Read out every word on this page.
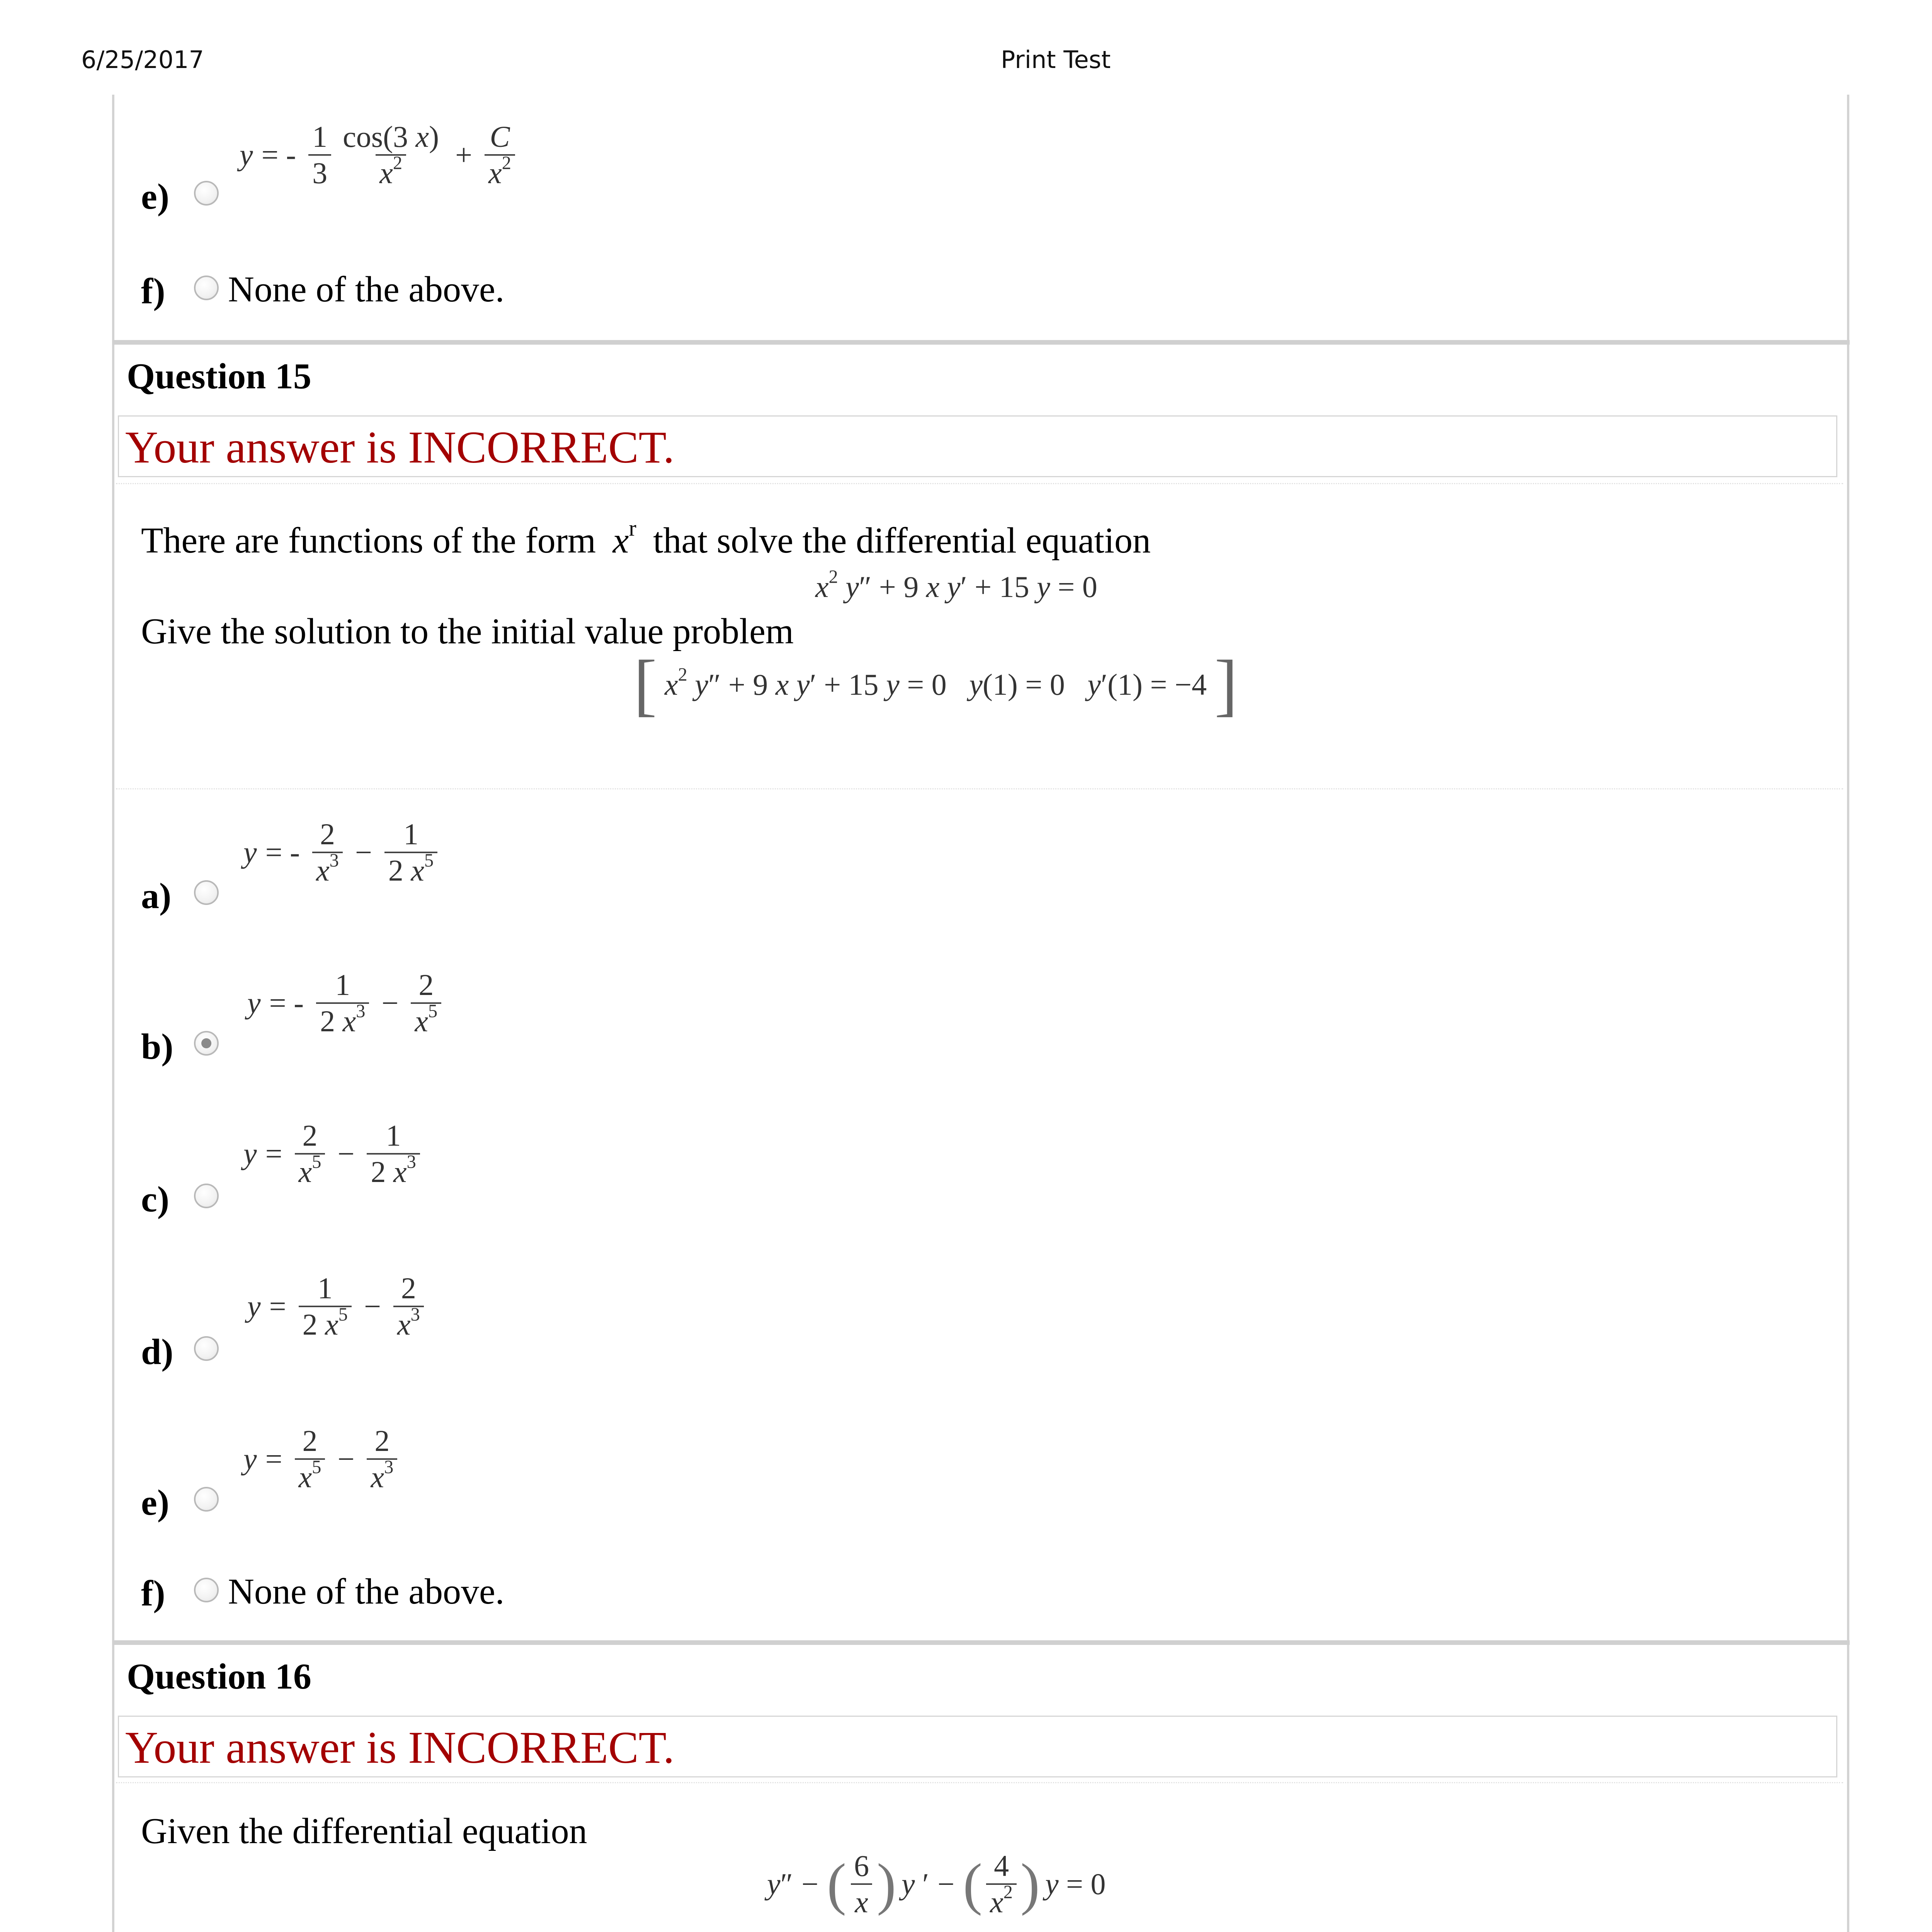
6/25/2017	Print Test
e)
y = - $\frac{1}{3} \frac{\cos(3 x)}{x^2} + \frac{C}{x^2}$
f) None of the above.
Question 15
Your answer is INCORRECT.
There are functions of the form $x^r$ that solve the differential equation
$x^2$ y″ + 9 x y′ + 15 y = 0
Give the solution to the initial value problem
[ $x^2$ y″ + 9 x y′ + 15 y = 0   y(1) = 0   y′(1) = −4 ]
a)
y = - $\frac{2}{x^3} - \frac{1}{2 x^5}$
b)
y = - $\frac{1}{2 x^3} - \frac{2}{x^5}$
c)
$y = \frac{2}{x^5} - \frac{1}{2 x^3}$
d)
$y = \frac{1}{2 x^5} - \frac{2}{x^3}$
e)
$y = \frac{2}{x^5} - \frac{2}{x^3}$
f) None of the above.
Question 16
Your answer is INCORRECT.
Given the differential equation
y ″ − ( $\frac{6}{x}$ ) y ′ − ( $\frac{4}{x^2}$ ) y = 0
